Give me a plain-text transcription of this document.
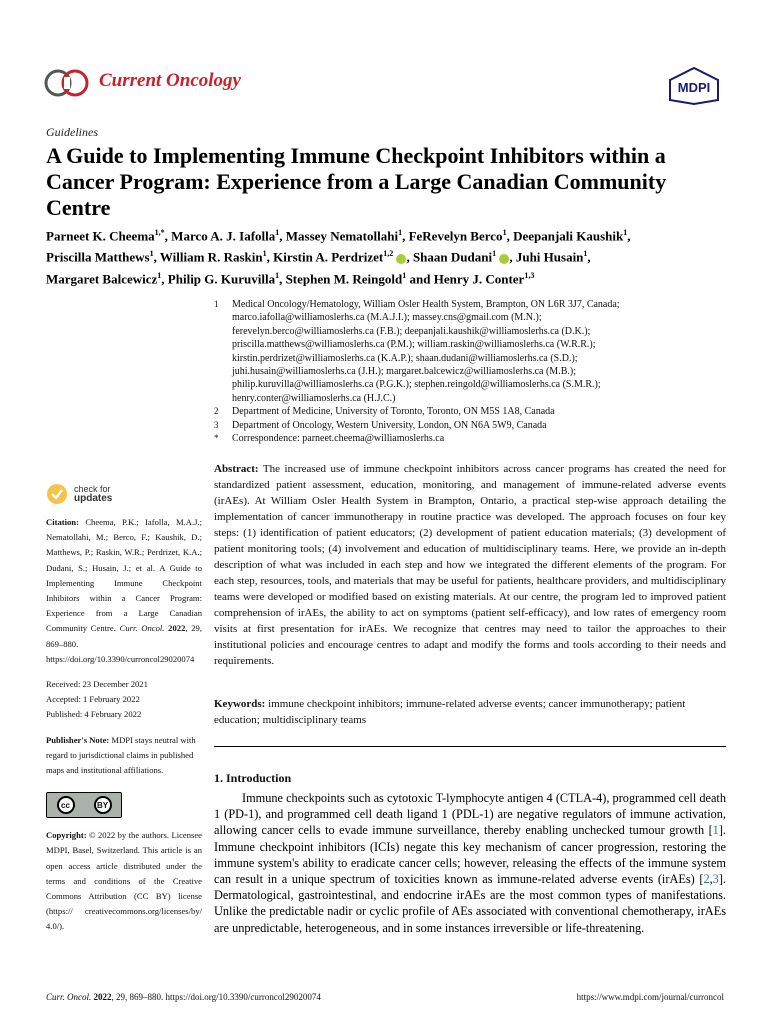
Current Oncology	MDPI
Guidelines
A Guide to Implementing Immune Checkpoint Inhibitors within a Cancer Program: Experience from a Large Canadian Community Centre
Parneet K. Cheema$^{1,*}$, Marco A. J. Iafolla$^1$, Massey Nematollahi$^1$, FeRevelyn Berco$^1$, Deepanjali Kaushik$^1$,
Priscilla Matthews$^1$, William R. Raskin$^1$, Kirstin A. Perdrizet$^{1,2}$ , Shaan Dudani$^1$ , Juhi Husain$^1$,
Margaret Balcewicz$^1$, Philip G. Kuruvilla$^1$, Stephen M. Reingold$^1$ and Henry J. Conter$^{1,3}$
1 Medical Oncology/Hematology, William Osler Health System, Brampton, ON L6R 3J7, Canada;
marco.iafolla@williamoslerhs.ca (M.A.J.I.); massey.cns@gmail.com (M.N.);
ferevelyn.berco@williamoslerhs.ca (F.B.); deepanjali.kaushik@williamoslerhs.ca (D.K.);
priscilla.matthews@williamoslerhs.ca (P.M.); william.raskin@williamoslerhs.ca (W.R.R.);
kirstin.perdrizet@williamoslerhs.ca (K.A.P.); shaan.dudani@williamoslerhs.ca (S.D.);
juhi.husain@williamoslerhs.ca (J.H.); margaret.balcewicz@williamoslerhs.ca (M.B.);
philip.kuruvilla@williamoslerhs.ca (P.G.K.); stephen.reingold@williamoslerhs.ca (S.M.R.);
henry.conter@williamoslerhs.ca (H.J.C.)
2 Department of Medicine, University of Toronto, Toronto, ON M5S 1A8, Canada
3 Department of Oncology, Western University, London, ON N6A 5W9, Canada
* Correspondence: parneet.cheema@williamoslerhs.ca
check for
updates
Citation: Cheema, P.K.; Iafolla, M.A.J.; Nematollahi, M.; Berco, F.; Kaushik, D.; Matthews, P.; Raskin, W.R.; Perdrizet, K.A.; Dudani, S.; Husain, J.; et al. A Guide to Implementing Immune Checkpoint Inhibitors within a Cancer Program: Experience from a Large Canadian Community Centre. Curr. Oncol. 2022, 29, 869–880. https://doi.org/10.3390/curroncol29020074
Received: 23 December 2021
Accepted: 1 February 2022
Published: 4 February 2022
Publisher's Note: MDPI stays neutral with regard to jurisdictional claims in published maps and institutional affiliations.
cc	BY
Copyright: © 2022 by the authors. Licensee MDPI, Basel, Switzerland. This article is an open access article distributed under the terms and conditions of the Creative Commons Attribution (CC BY) license (https:// creativecommons.org/licenses/by/ 4.0/).
Abstract: The increased use of immune checkpoint inhibitors across cancer programs has created the need for standardized patient assessment, education, monitoring, and management of immune-related adverse events (irAEs). At William Osler Health System in Brampton, Ontario, a practical step-wise approach detailing the implementation of cancer immunotherapy in routine practice was developed. The approach focuses on four key steps: (1) identification of patient educators; (2) development of patient education materials; (3) development of patient monitoring tools; (4) involvement and education of multidisciplinary teams. Here, we provide an in-depth description of what was included in each step and how we integrated the different elements of the program. For each step, resources, tools, and materials that may be useful for patients, healthcare providers, and multidisciplinary teams were developed or modified based on existing materials. At our centre, the program led to improved patient comprehension of irAEs, the ability to act on symptoms (patient self-efficacy), and low rates of emergency room visits at first presentation for irAEs. We recognize that centres may need to tailor the approaches to their institutional policies and encourage centres to adapt and modify the forms and tools according to their needs and requirements.
Keywords: immune checkpoint inhibitors; immune-related adverse events; cancer immunotherapy; patient education; multidisciplinary teams
1. Introduction
Immune checkpoints such as cytotoxic T-lymphocyte antigen 4 (CTLA-4), programmed cell death 1 (PD-1), and programmed cell death ligand 1 (PDL-1) are negative regulators of immune activation, allowing cancer cells to evade immune surveillance, thereby enabling unchecked tumour growth [1]. Immune checkpoint inhibitors (ICIs) negate this key mechanism of cancer progression, restoring the immune system's ability to eradicate cancer cells; however, releasing the effects of the immune system can result in a unique spectrum of toxicities known as immune-related adverse events (irAEs) [2,3]. Dermatological, gastrointestinal, and endocrine irAEs are the most common types of manifestations. Unlike the predictable nadir or cyclic profile of AEs associated with conventional chemotherapy, irAEs are unpredictable, heterogeneous, and in some instances irreversible or life-threatening.
Curr. Oncol. 2022, 29, 869–880. https://doi.org/10.3390/curroncol29020074	https://www.mdpi.com/journal/curroncol
